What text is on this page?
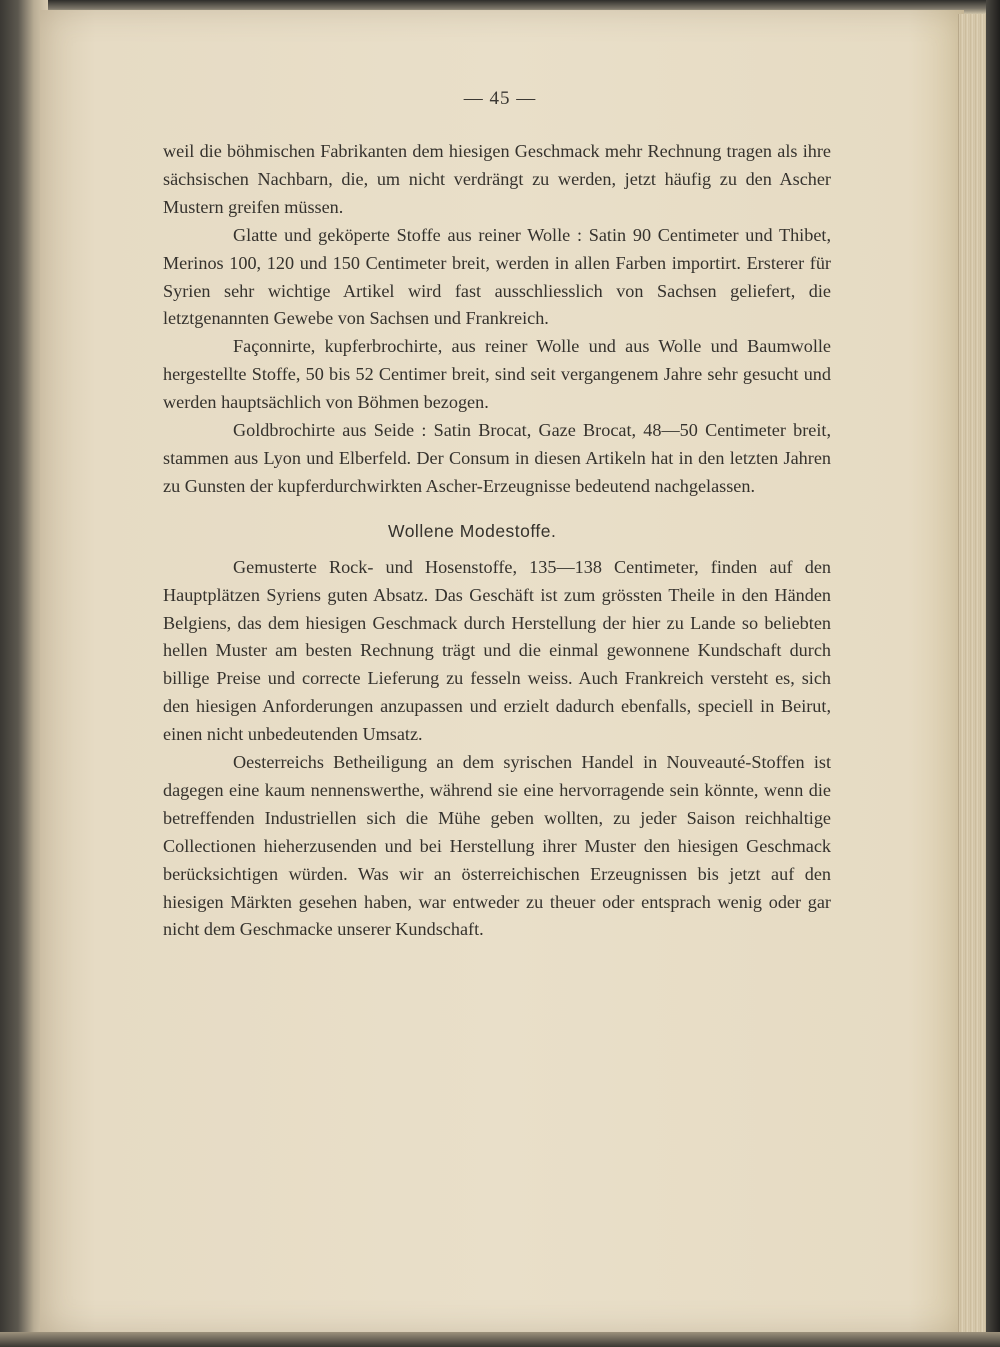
— 45 —

weil die böhmischen Fabrikanten dem hiesigen Geschmack mehr Rechnung tragen als ihre sächsischen Nachbarn, die, um nicht verdrängt zu werden, jetzt häufig zu den Ascher Mustern greifen müssen.

Glatte und geköperte Stoffe aus reiner Wolle : Satin 90 Centimeter und Thibet, Merinos 100, 120 und 150 Centimeter breit, werden in allen Farben importirt. Ersterer für Syrien sehr wichtige Artikel wird fast ausschliesslich von Sachsen geliefert, die letztgenannten Gewebe von Sachsen und Frankreich.

Façonnirte, kupferbrochirte, aus reiner Wolle und aus Wolle und Baumwolle hergestellte Stoffe, 50 bis 52 Centimer breit, sind seit vergangenem Jahre sehr gesucht und werden hauptsächlich von Böhmen bezogen.

Goldbrochirte aus Seide : Satin Brocat, Gaze Brocat, 48—50 Centimeter breit, stammen aus Lyon und Elberfeld. Der Consum in diesen Artikeln hat in den letzten Jahren zu Gunsten der kupferdurchwirkten Ascher-Erzeugnisse bedeutend nachgelassen.

Wollene Modestoffe.

Gemusterte Rock- und Hosenstoffe, 135—138 Centimeter, finden auf den Hauptplätzen Syriens guten Absatz. Das Geschäft ist zum grössten Theile in den Händen Belgiens, das dem hiesigen Geschmack durch Herstellung der hier zu Lande so beliebten hellen Muster am besten Rechnung trägt und die einmal gewonnene Kundschaft durch billige Preise und correcte Lieferung zu fesseln weiss. Auch Frankreich versteht es, sich den hiesigen Anforderungen anzupassen und erzielt dadurch ebenfalls, speciell in Beirut, einen nicht unbedeutenden Umsatz.

Oesterreichs Betheiligung an dem syrischen Handel in Nouveauté-Stoffen ist dagegen eine kaum nennenswerthe, während sie eine hervorragende sein könnte, wenn die betreffenden Industriellen sich die Mühe geben wollten, zu jeder Saison reichhaltige Collectionen hieherzusenden und bei Herstellung ihrer Muster den hiesigen Geschmack berücksichtigen würden. Was wir an österreichischen Erzeugnissen bis jetzt auf den hiesigen Märkten gesehen haben, war entweder zu theuer oder entsprach wenig oder gar nicht dem Geschmacke unserer Kundschaft.
